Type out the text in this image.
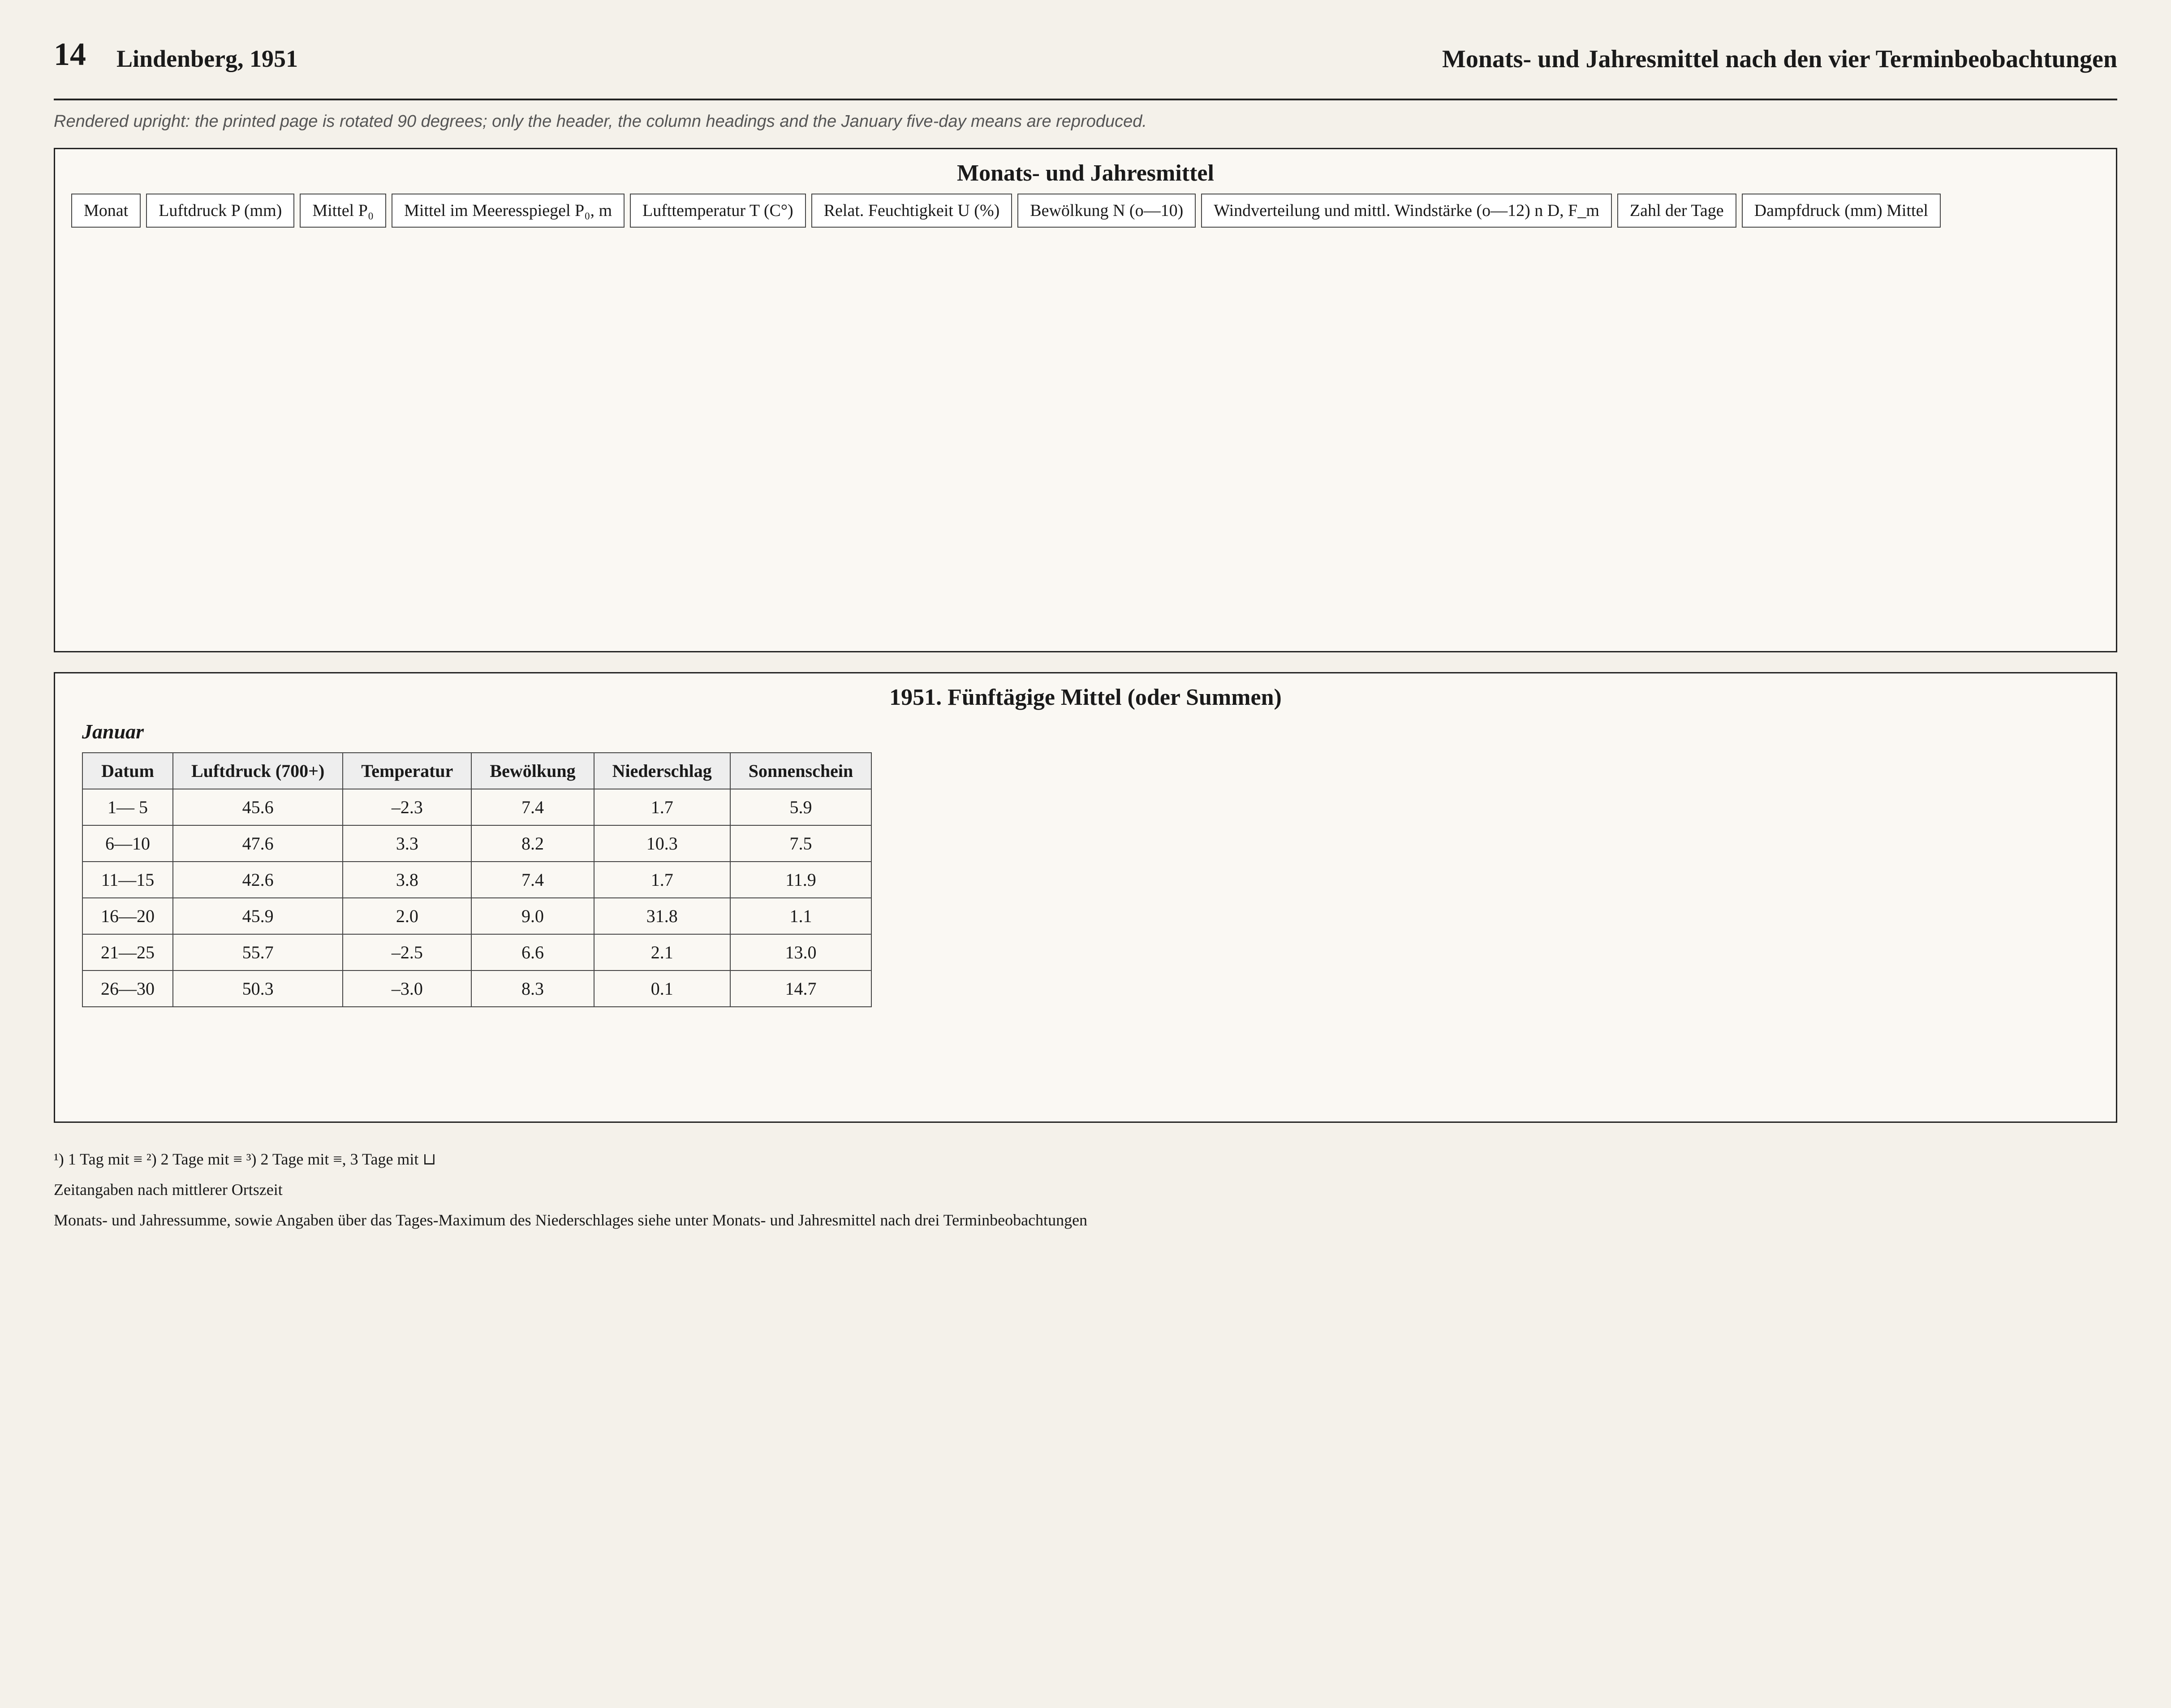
14 Lindenberg, 1951	Monats- und Jahresmittel nach den vier Terminbeobachtungen
Rendered upright: the printed page is rotated 90 degrees; only the header, the column headings and the January five-day means are reproduced.
Monats- und Jahresmittel
Monat	Luftdruck P (mm)	Mittel P₀	Mittel im Meeresspiegel P₀, m	Lufttemperatur T (C°)	Relat. Feuchtigkeit U (%)	Bewölkung N (o—10)	Windverteilung und mittl. Windstärke (o—12) n D, F_m	Zahl der Tage	Dampfdruck (mm) Mittel
1951. Fünftägige Mittel (oder Summen)
Januar
Datum	Luftdruck (700+)	Temperatur	Bewölkung	Niederschlag	Sonnenschein
1— 5	45.6	–2.3	7.4	1.7	5.9
6—10	47.6	3.3	8.2	10.3	7.5
11—15	42.6	3.8	7.4	1.7	11.9
16—20	45.9	2.0	9.0	31.8	1.1
21—25	55.7	–2.5	6.6	2.1	13.0
26—30	50.3	–3.0	8.3	0.1	14.7

¹) 1 Tag mit ≡ ²) 2 Tage mit ≡ ³) 2 Tage mit ≡, 3 Tage mit ⊔

Zeitangaben nach mittlerer Ortszeit

Monats- und Jahressumme, sowie Angaben über das Tages-Maximum des Niederschlages siehe unter Monats- und Jahresmittel nach drei Terminbeobachtungen
